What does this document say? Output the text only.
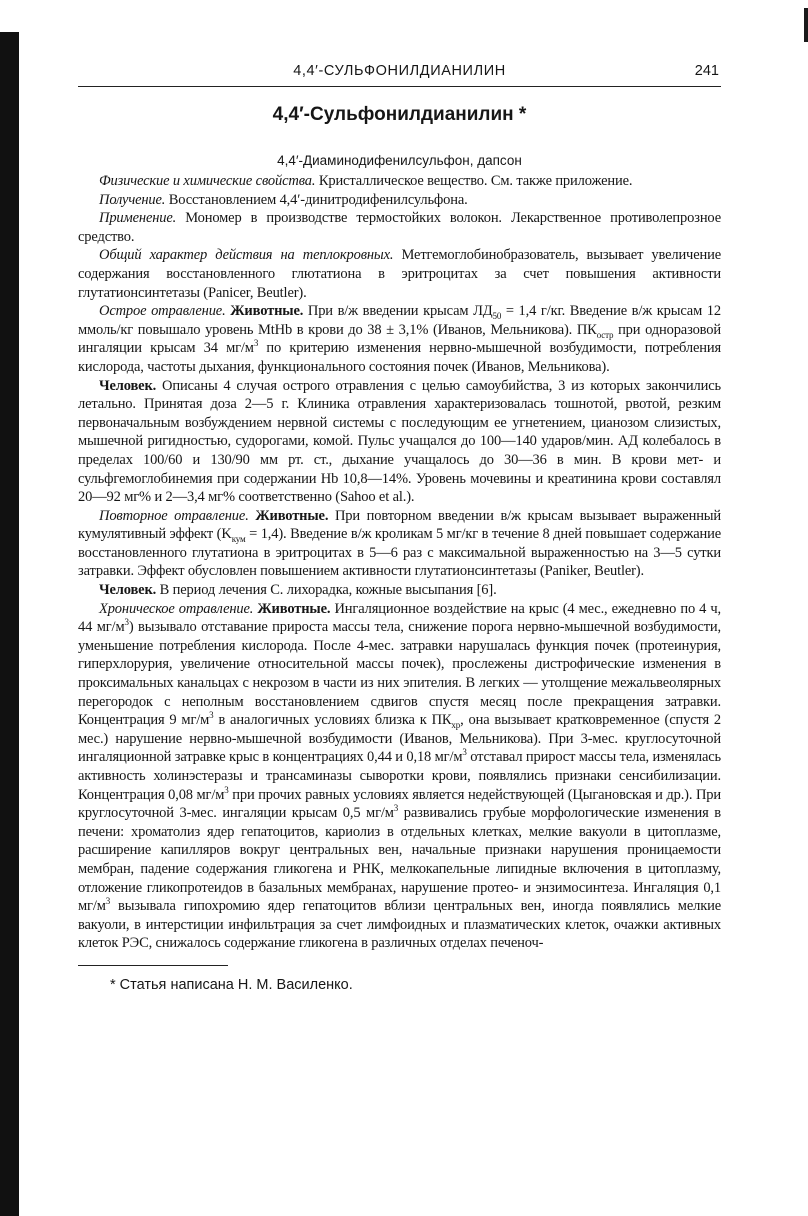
4,4′-СУЛЬФОНИЛДИАНИЛИН	241
4,4′-Сульфонилдианилин *

4,4′-Диаминодифенилсульфон, дапсон

Физические и химические свойства. Кристаллическое вещество. См. также приложение.

Получение. Восстановлением 4,4′-динитродифенилсульфона.

Применение. Мономер в производстве термостойких волокон. Лекарственное противолепрозное средство.

Общий характер действия на теплокровных. Метгемоглобинобразователь, вызывает увеличение содержания восстановленного глютатиона в эритроцитах за счет повышения активности глутатионсинтетазы (Panicer, Beutler).

Острое отравление. Животные. При в/ж введении крысам $ЛД_{50} = 1,4$ г/кг. Введение в/ж крысам 12 ммоль/кг повышало уровень MtHb в крови до 38 ± 3,1% (Иванов, Мельникова). $ПК_{остр}$ при одноразовой ингаляции крысам 34 $мг/м^3$ по критерию изменения нервно-мышечной возбудимости, потребления кислорода, частоты дыхания, функционального состояния почек (Иванов, Мельникова).

Человек. Описаны 4 случая острого отравления с целью самоубийства, 3 из которых закончились летально. Принятая доза 2—5 г. Клиника отравления характеризовалась тошнотой, рвотой, резким первоначальным возбуждением нервной системы с последующим ее угнетением, цианозом слизистых, мышечной ригидностью, судорогами, комой. Пульс учащался до 100—140 ударов/мин. АД колебалось в пределах 100/60 и 130/90 мм рт. ст., дыхание учащалось до 30—36 в мин. В крови мет- и сульфгемоглобинемия при содержании Hb 10,8—14%. Уровень мочевины и креатинина крови составлял 20—92 мг% и 2—3,4 мг% соответственно (Sahoo et al.).

Повторное отравление. Животные. При повторном введении в/ж крысам вызывает выраженный кумулятивный эффект $(K_{кум} = 1,4)$. Введение в/ж кроликам 5 мг/кг в течение 8 дней повышает содержание восстановленного глутатиона в эритроцитах в 5—6 раз с максимальной выраженностью на 3—5 сутки затравки. Эффект обусловлен повышением активности глутатионсинтетазы (Paniker, Beutler).

Человек. В период лечения С. лихорадка, кожные высыпания [6].

Хроническое отравление. Животные. Ингаляционное воздействие на крыс (4 мес., ежедневно по 4 ч, 44 $мг/м^3$) вызывало отставание прироста массы тела, снижение порога нервно-мышечной возбудимости, уменьшение потребления кислорода. После 4-мес. затравки нарушалась функция почек (протеинурия, гиперхлорурия, увеличение относительной массы почек), прослежены дистрофические изменения в проксимальных канальцах с некрозом в части из них эпителия. В легких — утолщение межальвеолярных перегородок с неполным восстановлением сдвигов спустя месяц после прекращения затравки. Концентрация 9 $мг/м^3$ в аналогичных условиях близка к $ПК_{хр}$, она вызывает кратковременное (спустя 2 мес.) нарушение нервно-мышечной возбудимости (Иванов, Мельникова). При 3-мес. круглосуточной ингаляционной затравке крыс в концентрациях 0,44 и 0,18 $мг/м^3$ отставал прирост массы тела, изменялась активность холинэстеразы и трансаминазы сыворотки крови, появлялись признаки сенсибилизации. Концентрация 0,08 $мг/м^3$ при прочих равных условиях является недействующей (Цыгановская и др.). При круглосуточной 3-мес. ингаляции крысам 0,5 $мг/м^3$ развивались грубые морфологические изменения в печени: хроматолиз ядер гепатоцитов, кариолиз в отдельных клетках, мелкие вакуоли в цитоплазме, расширение капилляров вокруг центральных вен, начальные признаки нарушения проницаемости мембран, падение содержания гликогена и РНК, мелкокапельные липидные включения в цитоплазму, отложение гликопротеидов в базальных мембранах, нарушение протео- и энзимосинтеза. Ингаляция 0,1 $мг/м^3$ вызывала гипохромию ядер гепатоцитов вблизи центральных вен, иногда появлялись мелкие вакуоли, в интерстиции инфильтрация за счет лимфоидных и плазматических клеток, очажки активных клеток РЭС, снижалось содержание гликогена в различных отделах печеноч-

* Статья написана Н. М. Василенко.
